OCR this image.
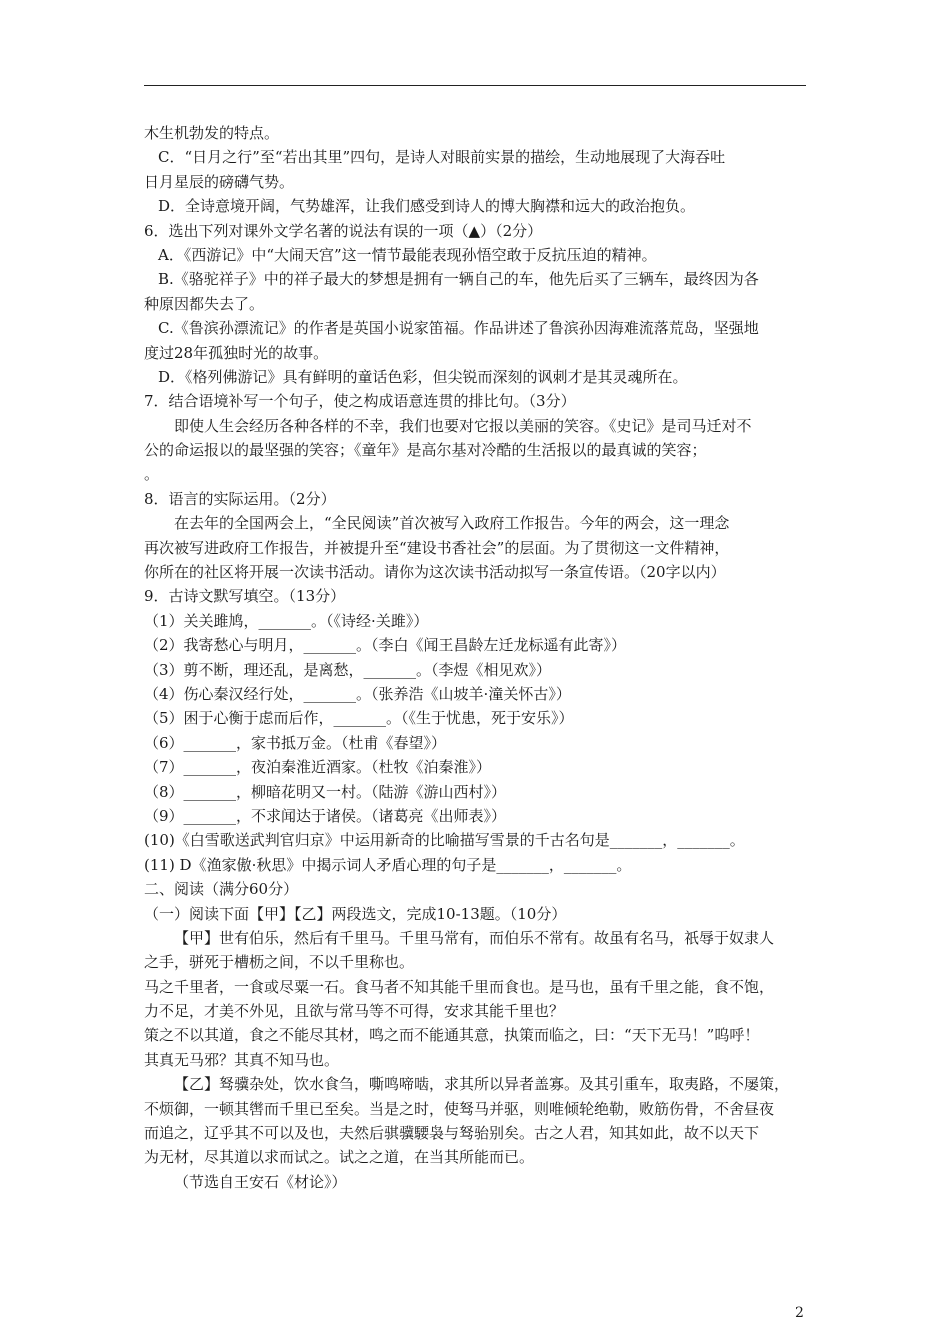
木生机勃发的特点。
C．“日月之行”至“若出其里”四句，是诗人对眼前实景的描绘，生动地展现了大海吞吐
日月星辰的磅礴气势。
D．全诗意境开阔，气势雄浑，让我们感受到诗人的博大胸襟和远大的政治抱负。
6．选出下列对课外文学名著的说法有误的一项（▲）（2分）
A．《西游记》中“大闹天宫”这一情节最能表现孙悟空敢于反抗压迫的精神。
B.《骆驼祥子》中的祥子最大的梦想是拥有一辆自己的车，他先后买了三辆车，最终因为各
种原因都失去了。
C.《鲁滨孙漂流记》的作者是英国小说家笛福。作品讲述了鲁滨孙因海难流落荒岛，坚强地
度过28年孤独时光的故事。
D．《格列佛游记》具有鲜明的童话色彩，但尖锐而深刻的讽刺才是其灵魂所在。
7．结合语境补写一个句子，使之构成语意连贯的排比句。（3分）
即使人生会经历各种各样的不幸，我们也要对它报以美丽的笑容。《史记》是司马迁对不
公的命运报以的最坚强的笑容；《童年》是高尔基对冷酷的生活报以的最真诚的笑容；
。
8．语言的实际运用。（2分）
在去年的全国两会上，“全民阅读”首次被写入政府工作报告。今年的两会，这一理念
再次被写进政府工作报告，并被提升至“建设书香社会”的层面。为了贯彻这一文件精神，
你所在的社区将开展一次读书活动。请你为这次读书活动拟写一条宣传语。（20字以内）
9．古诗文默写填空。（13分）
（1）关关雎鸠，_______。（《诗经·关雎》）
（2）我寄愁心与明月，_______。（李白《闻王昌龄左迁龙标遥有此寄》）
（3）剪不断，理还乱，是离愁，_______。（李煜《相见欢》）
（4）伤心秦汉经行处，_______。（张养浩《山坡羊·潼关怀古》）
（5）困于心衡于虑而后作，_______。（《生于忧患，死于安乐》）
（6）_______，家书抵万金。（杜甫《春望》）
（7）_______，夜泊秦淮近酒家。（杜牧《泊秦淮》）
（8）_______，柳暗花明又一村。（陆游《游山西村》）
（9）_______，不求闻达于诸侯。（诸葛亮《出师表》）
(10)《白雪歌送武判官归京》中运用新奇的比喻描写雪景的千古名句是_______，_______。
(11) D《渔家傲·秋思》中揭示词人矛盾心理的句子是_______，_______。
二、阅读（满分60分）
（一）阅读下面【甲】【乙】两段选文，完成10-13题。（10分）
【甲】世有伯乐，然后有千里马。千里马常有，而伯乐不常有。故虽有名马，祇辱于奴隶人
之手，骈死于槽枥之间，不以千里称也。
马之千里者，一食或尽粟一石。食马者不知其能千里而食也。是马也，虽有千里之能，食不饱，
力不足，才美不外见，且欲与常马等不可得，安求其能千里也？
策之不以其道，食之不能尽其材，鸣之而不能通其意，执策而临之，曰：“天下无马！”呜呼！
其真无马邪？其真不知马也。
【乙】驽骥杂处，饮水食刍，嘶鸣啼啮，求其所以异者盖寡。及其引重车，取夷路，不屡策，
不烦御，一顿其辔而千里已至矣。当是之时，使驽马并驱，则唯倾轮绝勒，败筋伤骨，不舍昼夜
而追之，辽乎其不可以及也，夫然后骐骥騕袅与驽骀别矣。古之人君，知其如此，故不以天下
为无材，尽其道以求而试之。试之之道，在当其所能而已。
（节选自王安石《材论》）
2
